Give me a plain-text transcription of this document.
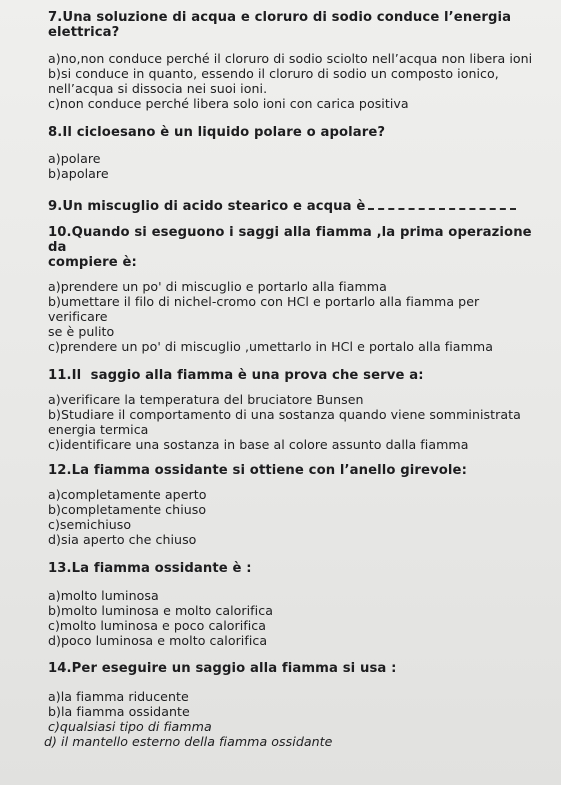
7.Una soluzione di acqua e cloruro di sodio conduce l’energia elettrica?

a)no,non conduce perché il cloruro di sodio sciolto nell’acqua non libera ioni
b)si conduce in quanto, essendo il cloruro di sodio un composto ionico,
nell’acqua si dissocia nei suoi ioni.
c)non conduce perché libera solo ioni con carica positiva

8.Il cicloesano è un liquido polare o apolare?

a)polare
b)apolare

9.Un miscuglio di acido stearico e acqua è

10.Quando si eseguono i saggi alla fiamma ,la prima operazione da
compiere è:

a)prendere un po' di miscuglio e portarlo alla fiamma
b)umettare il filo di nichel-cromo con HCl e portarlo alla fiamma per verificare
se è pulito
c)prendere un po' di miscuglio ,umettarlo in HCl e portalo alla fiamma

11.Il  saggio alla fiamma è una prova che serve a:

a)verificare la temperatura del bruciatore Bunsen
b)Studiare il comportamento di una sostanza quando viene somministrata
energia termica
c)identificare una sostanza in base al colore assunto dalla fiamma

12.La fiamma ossidante si ottiene con l’anello girevole:

a)completamente aperto
b)completamente chiuso
c)semichiuso
d)sia aperto che chiuso

13.La fiamma ossidante è :

a)molto luminosa
b)molto luminosa e molto calorifica
c)molto luminosa e poco calorifica
d)poco luminosa e molto calorifica

14.Per eseguire un saggio alla fiamma si usa :

a)la fiamma riducente
b)la fiamma ossidante
c)qualsiasi tipo di fiamma
d) il mantello esterno della fiamma ossidante
